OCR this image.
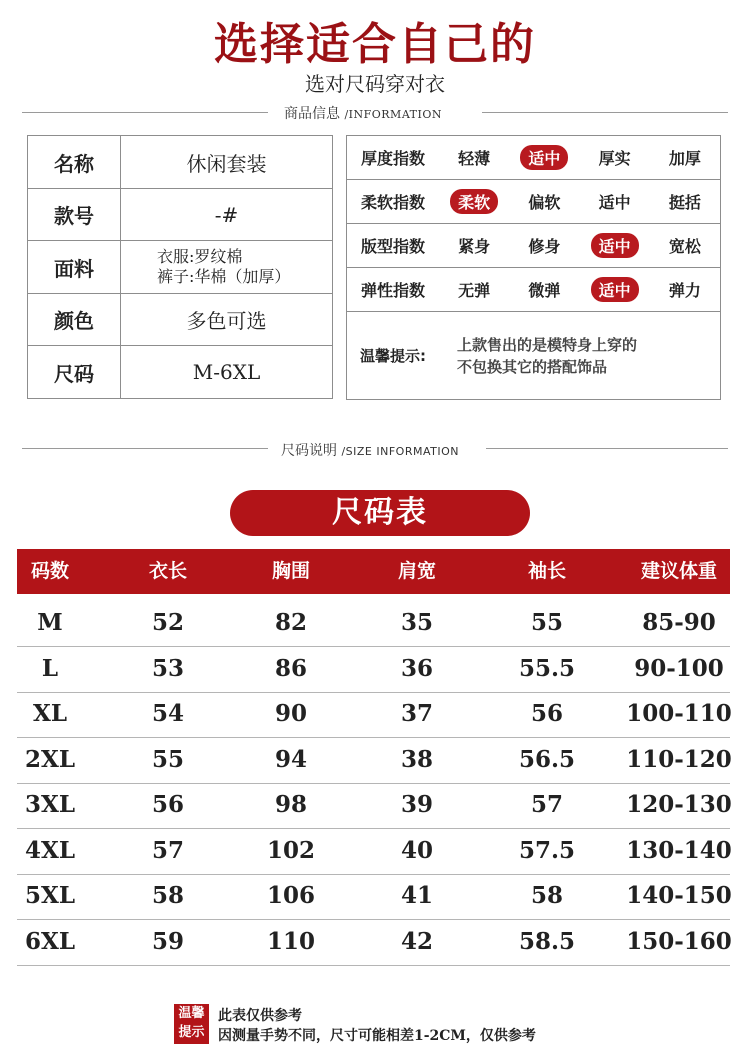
选择适合自己的
选对尺码穿对衣
商品信息 /INFORMATION
名称	休闲套装
款号	-#
面料	衣服:罗纹棉
裤子:华棉（加厚）

颜色	多色可选
尺码	M-6XL
厚度指数	轻薄	适中	厚实	加厚

柔软指数	柔软	偏软	适中	挺括

版型指数	紧身	修身	适中	宽松

弹性指数	无弹	微弹	适中	弹力

温馨提示:
上款售出的是模特身上穿的
不包换其它的搭配饰品
尺码说明 /SIZE INFORMATION
尺码表
码数	衣长	胸围	肩宽	袖长	建议体重
M	52	82	35	55	85-90
L	53	86	36	55.5	90-100
XL	54	90	37	56	100-110
2XL	55	94	38	56.5	110-120
3XL	56	98	39	57	120-130
4XL	57	102	40	57.5	130-140
5XL	58	106	41	58	140-150
6XL	59	110	42	58.5	150-160
温馨
提示
此表仅供参考
因测量手势不同，尺寸可能相差1-2CM，仅供参考
